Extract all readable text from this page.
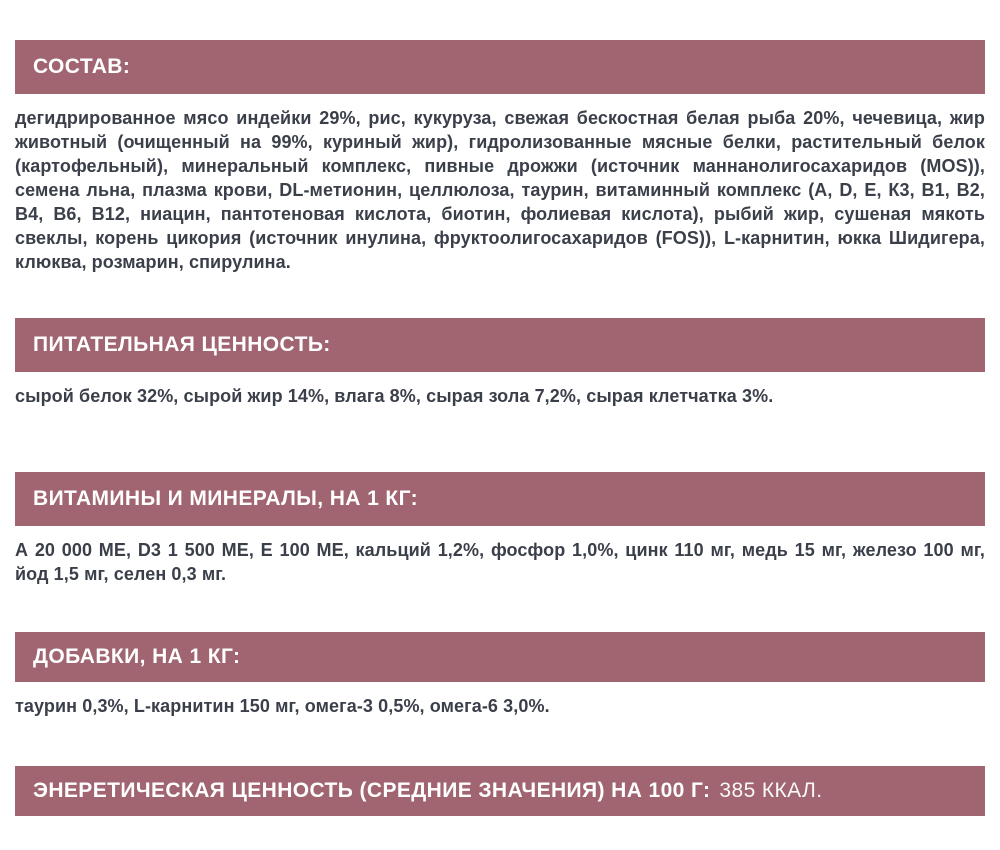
СОСТАВ:

дегидрированное мясо индейки 29%, рис, кукуруза, свежая бескостная белая рыба 20%, чечевица, жир животный (очищенный на 99%, куриный жир), гидролизованные мясные белки, растительный белок (картофельный), минеральный комплекс, пивные дрожжи (источник маннанолигосахаридов (MOS)), семена льна, плазма крови, DL-метионин, целлюлоза, таурин, витаминный комплекс (А, D, Е, К3, В1, В2, В4, В6, В12, ниацин, пантотеновая кислота, биотин, фолиевая кислота), рыбий жир, сушеная мякоть свеклы, корень цикория (источник инулина, фруктоолигосахаридов (FOS)), L-карнитин, юкка Шидигера, клюква, розмарин, спирулина.

ПИТАТЕЛЬНАЯ ЦЕННОСТЬ:

сырой белок 32%, сырой жир 14%, влага 8%, сырая зола 7,2%, сырая клетчатка 3%.

ВИТАМИНЫ И МИНЕРАЛЫ, НА 1 КГ:

А 20 000 МЕ, D3 1 500 МЕ, Е 100 МЕ, кальций 1,2%, фосфор 1,0%, цинк 110 мг, медь 15 мг, железо 100 мг, йод 1,5 мг, селен 0,3 мг.

ДОБАВКИ, НА 1 КГ:

таурин 0,3%, L-карнитин 150 мг, омега-3 0,5%, омега-6 3,0%.

ЭНЕРЕТИЧЕСКАЯ ЦЕННОСТЬ (СРЕДНИЕ ЗНАЧЕНИЯ) НА 100 Г: 385 ККАЛ.
